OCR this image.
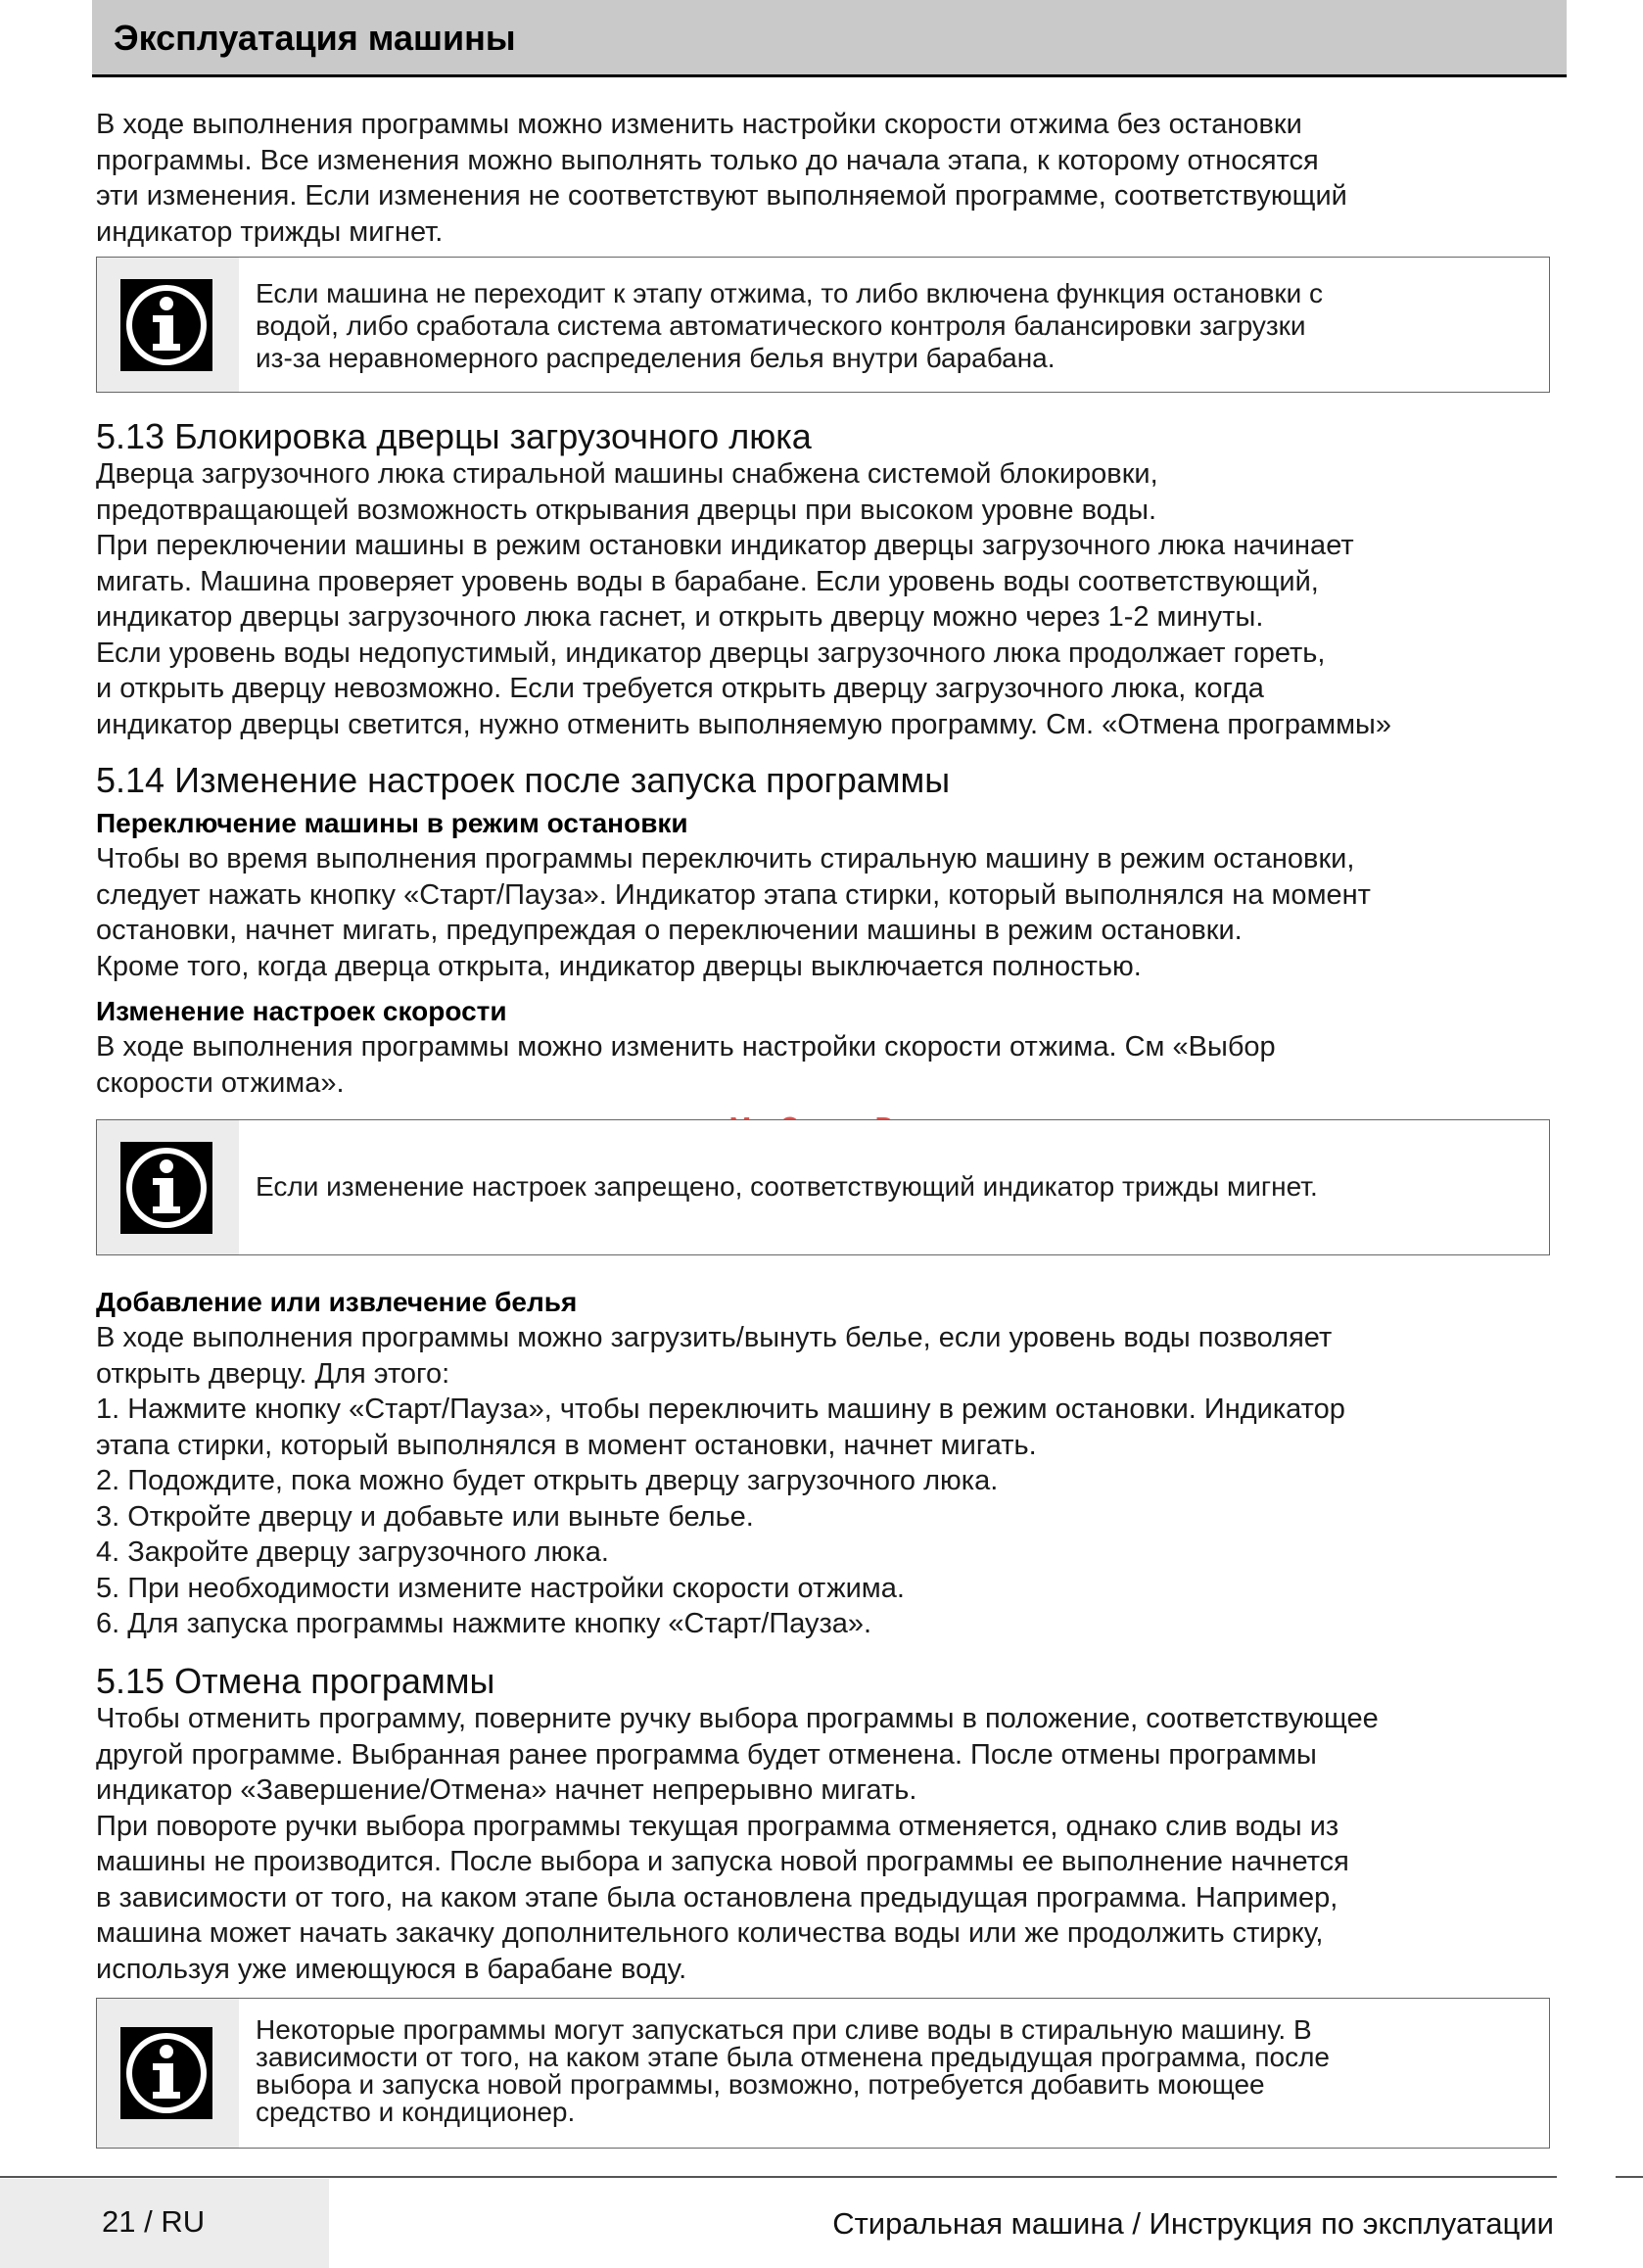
Эксплуатация машины
В ходе выполнения программы можно изменить настройки скорости отжима без остановки
программы. Все изменения можно выполнять только до начала этапа, к которому относятся
эти изменения. Если изменения не соответствуют выполняемой программе, соответствующий
индикатор трижды мигнет.
Если машина не переходит к этапу отжима, то либо включена функция остановки с
водой, либо сработала система автоматического контроля балансировки загрузки
из-за неравномерного распределения белья внутри барабана.
5.13 Блокировка дверцы загрузочного люка
Дверца загрузочного люка стиральной машины снабжена системой блокировки,
предотвращающей возможность открывания дверцы при высоком уровне воды.
При переключении машины в режим остановки индикатор дверцы загрузочного люка начинает
мигать. Машина проверяет уровень воды в барабане. Если уровень воды соответствующий,
индикатор дверцы загрузочного люка гаснет, и открыть дверцу можно через 1-2 минуты.
Если уровень воды недопустимый, индикатор дверцы загрузочного люка продолжает гореть,
и открыть дверцу невозможно. Если требуется открыть дверцу загрузочного люка, когда
индикатор дверцы светится, нужно отменить выполняемую программу. См. «Отмена программы»
5.14 Изменение настроек после запуска программы
Переключение машины в режим остановки
Чтобы во время выполнения программы переключить стиральную машину в режим остановки,
следует нажать кнопку «Старт/Пауза». Индикатор этапа стирки, который выполнялся на момент
остановки, начнет мигать, предупреждая о переключении машины в режим остановки.
Кроме того, когда дверца открыта, индикатор дверцы выключается полностью.
Изменение настроек скорости
В ходе выполнения программы можно изменить настройки скорости отжима. См «Выбор
скорости отжима».
Если изменение настроек запрещено, соответствующий индикатор трижды мигнет.
Добавление или извлечение белья
В ходе выполнения программы можно загрузить/вынуть белье, если уровень воды позволяет
открыть дверцу. Для этого:
1. Нажмите кнопку «Старт/Пауза», чтобы переключить машину в режим остановки. Индикатор
этапа стирки, который выполнялся в момент остановки, начнет мигать.
2. Подождите, пока можно будет открыть дверцу загрузочного люка.
3. Откройте дверцу и добавьте или выньте белье.
4. Закройте дверцу загрузочного люка.
5. При необходимости измените настройки скорости отжима.
6. Для запуска программы нажмите кнопку «Старт/Пауза».
5.15 Отмена программы
Чтобы отменить программу, поверните ручку выбора программы в положение, соответствующее
другой программе. Выбранная ранее программа будет отменена. После отмены программы
индикатор «Завершение/Отмена» начнет непрерывно мигать.
При повороте ручки выбора программы текущая программа отменяется, однако слив воды из
машины не производится. После выбора и запуска новой программы ее выполнение начнется
в зависимости от того, на каком этапе была остановлена предыдущая программа. Например,
машина может начать закачку дополнительного количества воды или же продолжить стирку,
используя уже имеющуюся в барабане воду.
Некоторые программы могут запускаться при сливе воды в стиральную машину. В
зависимости от того, на каком этапе была отменена предыдущая программа, после
выбора и запуска новой программы, возможно, потребуется добавить моющее
средство и кондиционер.
21 / RU	Стиральная машина / Инструкция по эксплуатации
